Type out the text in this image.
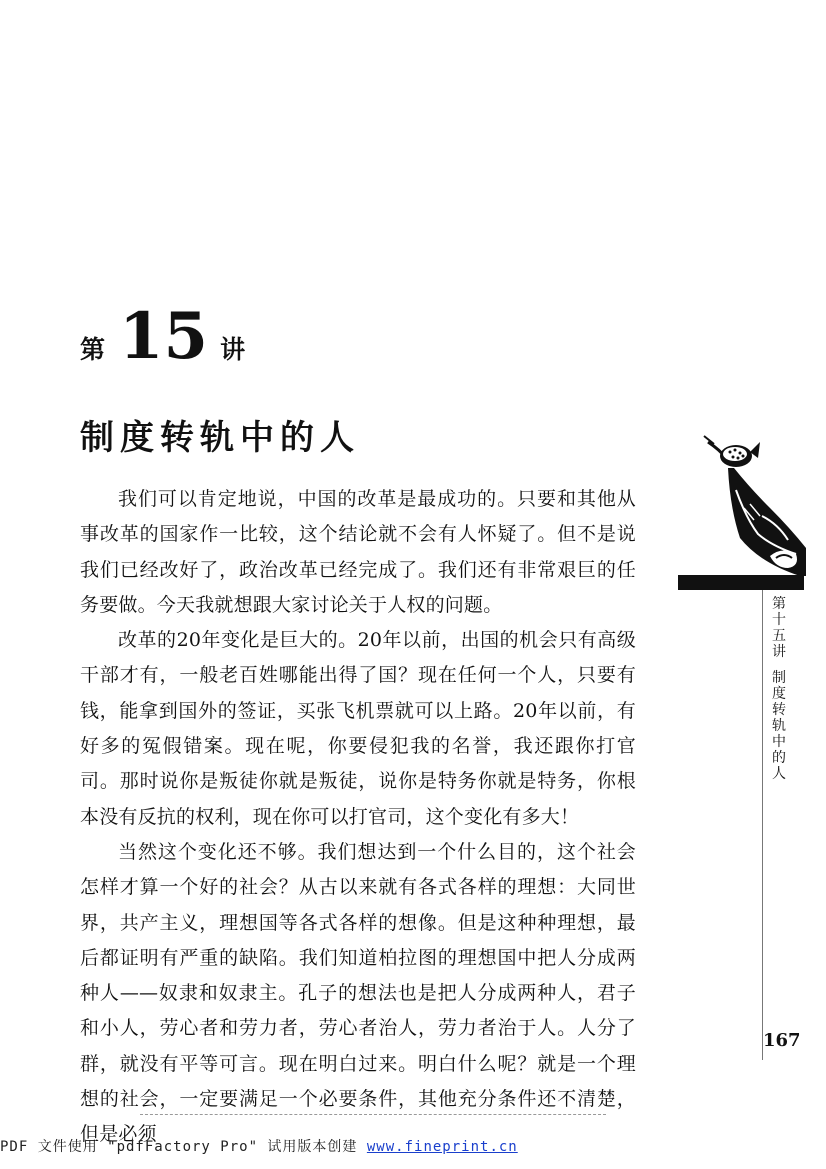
第 15 讲
制度转轨中的人

我们可以肯定地说，中国的改革是最成功的。只要和其他从事改革的国家作一比较，这个结论就不会有人怀疑了。但不是说我们已经改好了，政治改革已经完成了。我们还有非常艰巨的任务要做。今天我就想跟大家讨论关于人权的问题。

改革的20年变化是巨大的。20年以前，出国的机会只有高级干部才有，一般老百姓哪能出得了国？现在任何一个人，只要有钱，能拿到国外的签证，买张飞机票就可以上路。20年以前，有好多的冤假错案。现在呢，你要侵犯我的名誉，我还跟你打官司。那时说你是叛徒你就是叛徒，说你是特务你就是特务，你根本没有反抗的权利，现在你可以打官司，这个变化有多大！

当然这个变化还不够。我们想达到一个什么目的，这个社会怎样才算一个好的社会？从古以来就有各式各样的理想：大同世界，共产主义，理想国等各式各样的想像。但是这种种理想，最后都证明有严重的缺陷。我们知道柏拉图的理想国中把人分成两种人——奴隶和奴隶主。孔子的想法也是把人分成两种人，君子和小人，劳心者和劳力者，劳心者治人，劳力者治于人。人分了群，就没有平等可言。现在明白过来。明白什么呢？就是一个理想的社会，一定要满足一个必要条件，其他充分条件还不清楚，但是必须

第
十
五
讲
制
度
转
轨
中
的
人
167
PDF 文件使用 "pdfFactory Pro" 试用版本创建 www.fineprint.cn
